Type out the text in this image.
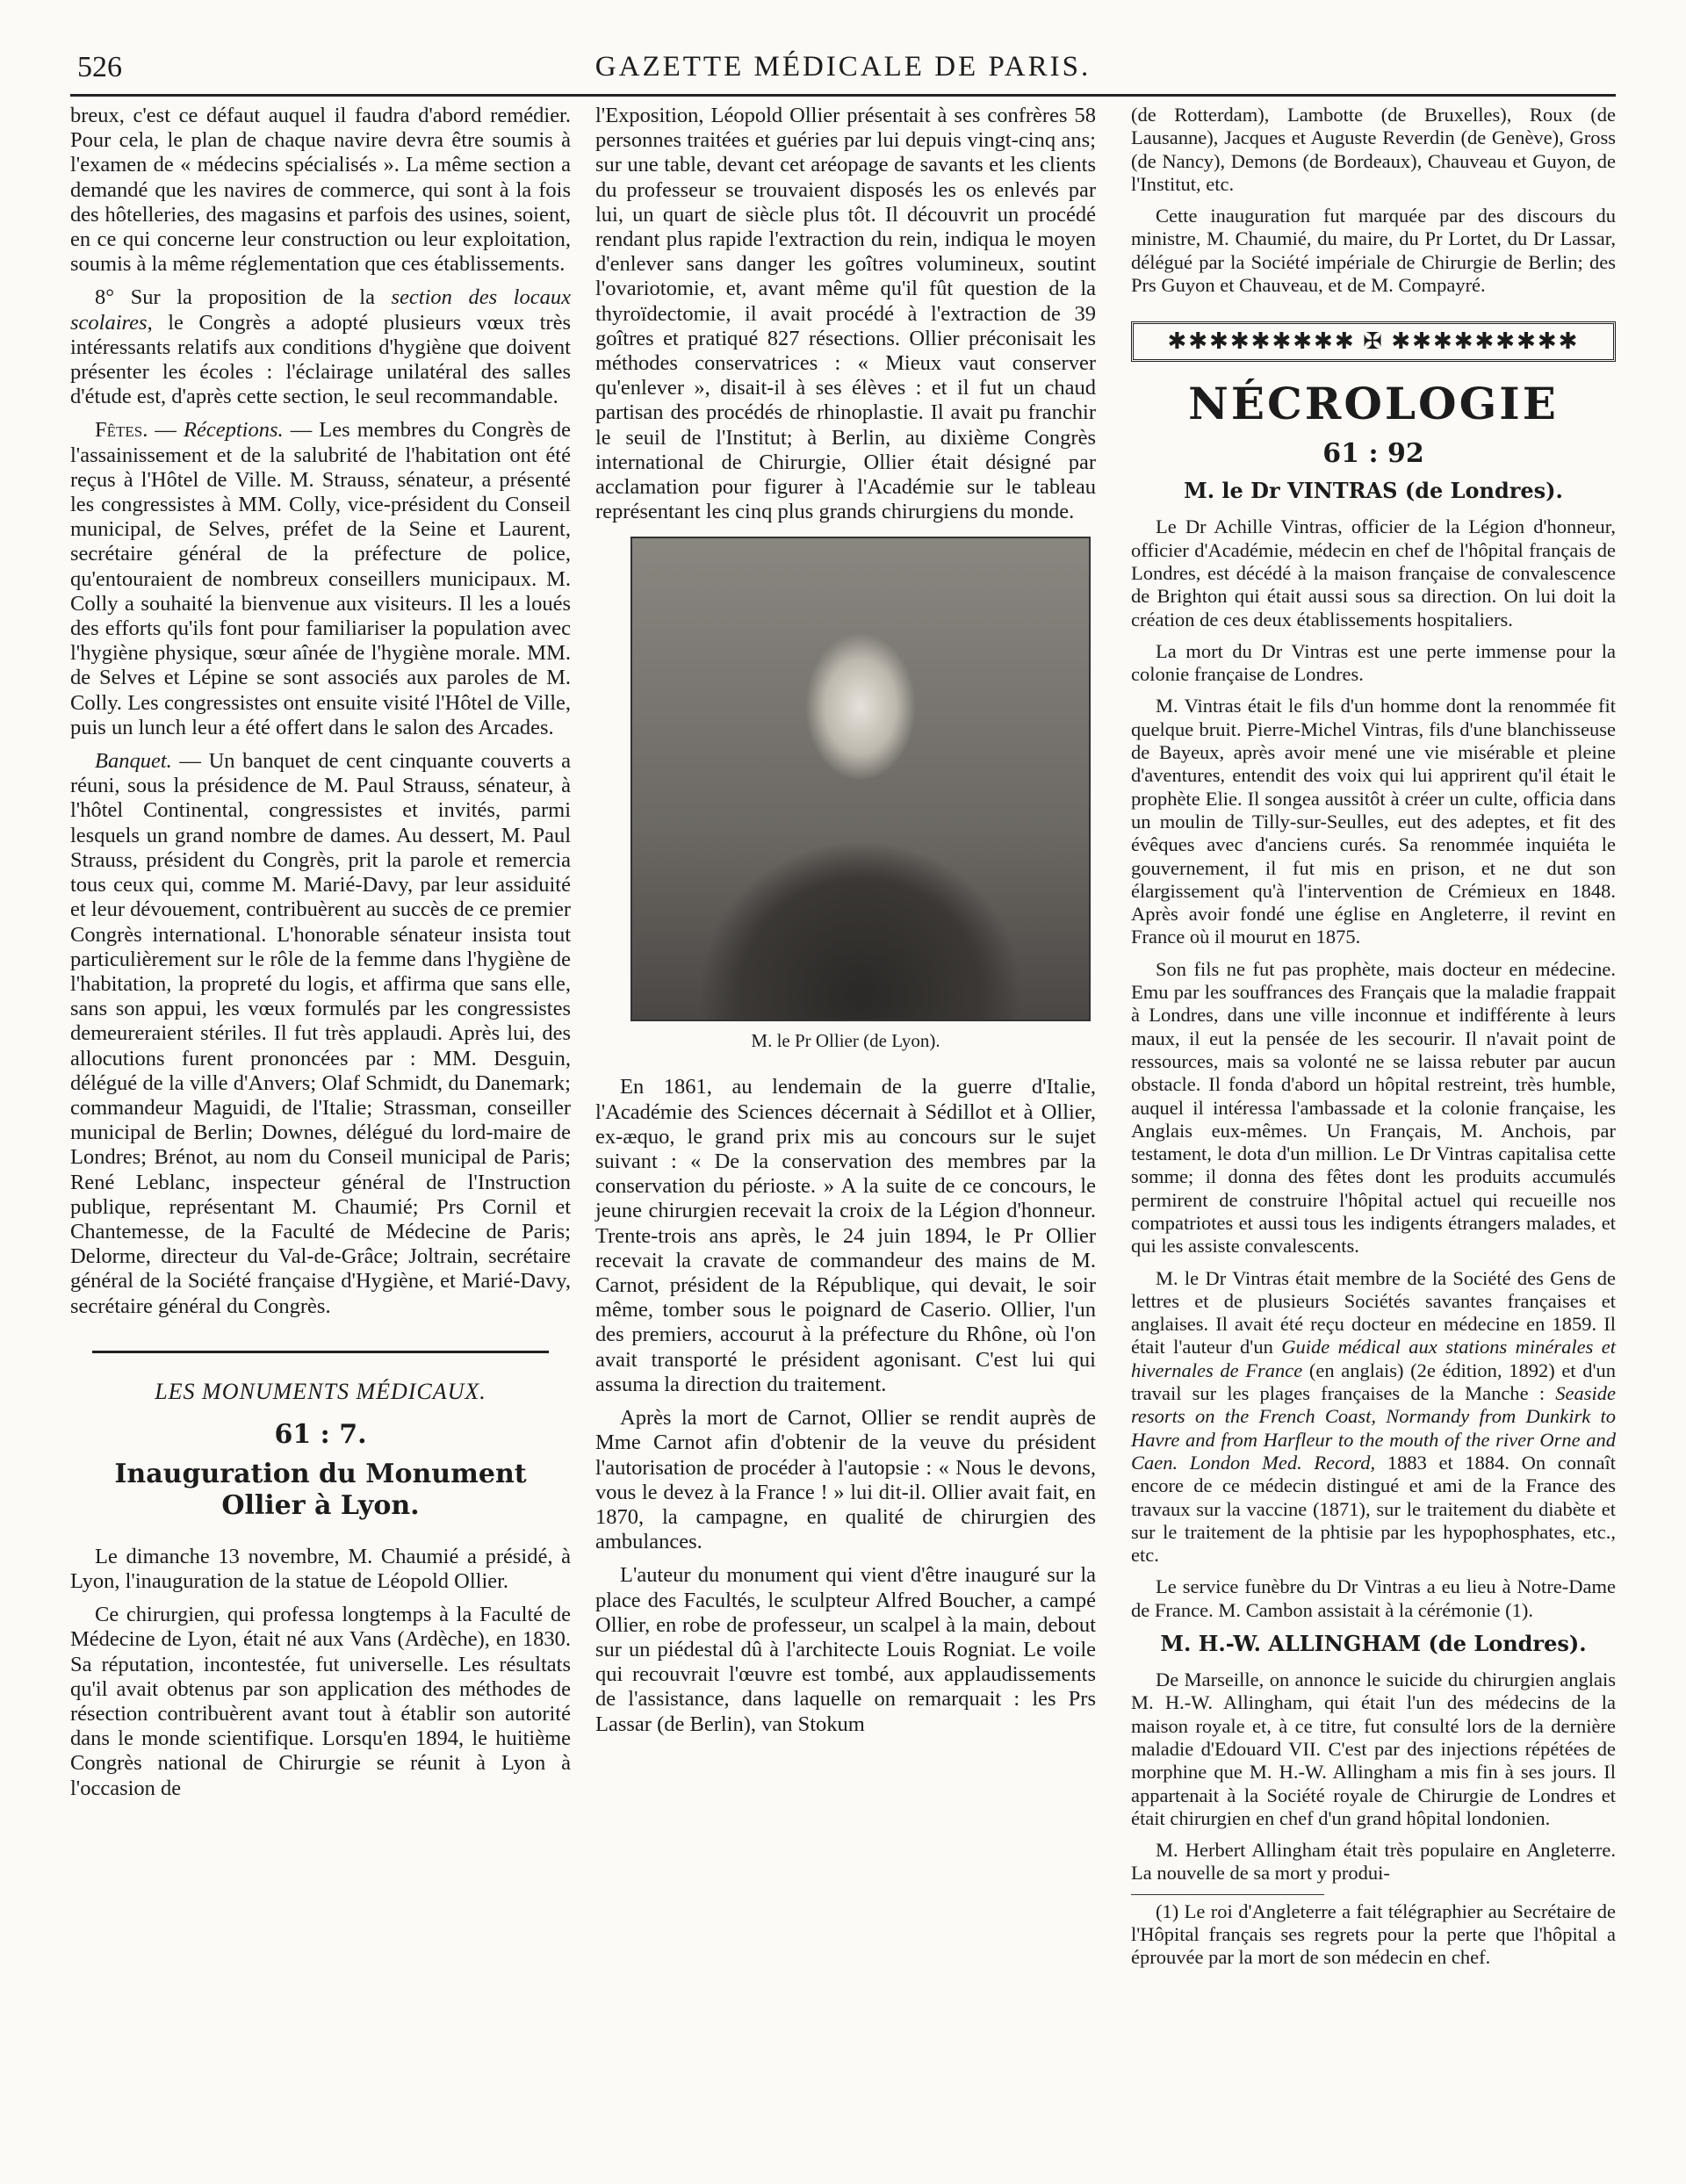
526	GAZETTE MÉDICALE DE PARIS.

breux, c'est ce défaut auquel il faudra d'abord remédier. Pour cela, le plan de chaque navire devra être soumis à l'examen de « médecins spécialisés ». La même section a demandé que les navires de commerce, qui sont à la fois des hôtelleries, des magasins et parfois des usines, soient, en ce qui concerne leur construction ou leur exploitation, soumis à la même réglementation que ces établissements.

8° Sur la proposition de la section des locaux scolaires, le Congrès a adopté plusieurs vœux très intéressants relatifs aux conditions d'hygiène que doivent présenter les écoles : l'éclairage unilatéral des salles d'étude est, d'après cette section, le seul recommandable.

Fêtes. — Réceptions. — Les membres du Congrès de l'assainissement et de la salubrité de l'habitation ont été reçus à l'Hôtel de Ville. M. Strauss, sénateur, a présenté les congressistes à MM. Colly, vice-président du Conseil municipal, de Selves, préfet de la Seine et Laurent, secrétaire général de la préfecture de police, qu'entouraient de nombreux conseillers municipaux. M. Colly a souhaité la bienvenue aux visiteurs. Il les a loués des efforts qu'ils font pour familiariser la population avec l'hygiène physique, sœur aînée de l'hygiène morale. MM. de Selves et Lépine se sont associés aux paroles de M. Colly. Les congressistes ont ensuite visité l'Hôtel de Ville, puis un lunch leur a été offert dans le salon des Arcades.

Banquet. — Un banquet de cent cinquante couverts a réuni, sous la présidence de M. Paul Strauss, sénateur, à l'hôtel Continental, congressistes et invités, parmi lesquels un grand nombre de dames. Au dessert, M. Paul Strauss, président du Congrès, prit la parole et remercia tous ceux qui, comme M. Marié-Davy, par leur assiduité et leur dévouement, contribuèrent au succès de ce premier Congrès international. L'honorable sénateur insista tout particulièrement sur le rôle de la femme dans l'hygiène de l'habitation, la propreté du logis, et affirma que sans elle, sans son appui, les vœux formulés par les congressistes demeureraient stériles. Il fut très applaudi. Après lui, des allocutions furent prononcées par : MM. Desguin, délégué de la ville d'Anvers; Olaf Schmidt, du Danemark; commandeur Maguidi, de l'Italie; Strassman, conseiller municipal de Berlin; Downes, délégué du lord-maire de Londres; Brénot, au nom du Conseil municipal de Paris; René Leblanc, inspecteur général de l'Instruction publique, représentant M. Chaumié; Prs Cornil et Chantemesse, de la Faculté de Médecine de Paris; Delorme, directeur du Val-de-Grâce; Joltrain, secrétaire général de la Société française d'Hygiène, et Marié-Davy, secrétaire général du Congrès.

LES MONUMENTS MÉDICAUX.
61 : 7.
Inauguration du Monument
Ollier à Lyon.

Le dimanche 13 novembre, M. Chaumié a présidé, à Lyon, l'inauguration de la statue de Léopold Ollier.

Ce chirurgien, qui professa longtemps à la Faculté de Médecine de Lyon, était né aux Vans (Ardèche), en 1830. Sa réputation, incontestée, fut universelle. Les résultats qu'il avait obtenus par son application des méthodes de résection contribuèrent avant tout à établir son autorité dans le monde scientifique. Lorsqu'en 1894, le huitième Congrès national de Chirurgie se réunit à Lyon à l'occasion de

l'Exposition, Léopold Ollier présentait à ses confrères 58 personnes traitées et guéries par lui depuis vingt-cinq ans; sur une table, devant cet aréopage de savants et les clients du professeur se trouvaient disposés les os enlevés par lui, un quart de siècle plus tôt. Il découvrit un procédé rendant plus rapide l'extraction du rein, indiqua le moyen d'enlever sans danger les goîtres volumineux, soutint l'ovariotomie, et, avant même qu'il fût question de la thyroïdectomie, il avait procédé à l'extraction de 39 goîtres et pratiqué 827 résections. Ollier préconisait les méthodes conservatrices : « Mieux vaut conserver qu'enlever », disait-il à ses élèves : et il fut un chaud partisan des procédés de rhinoplastie. Il avait pu franchir le seuil de l'Institut; à Berlin, au dixième Congrès international de Chirurgie, Ollier était désigné par acclamation pour figurer à l'Académie sur le tableau représentant les cinq plus grands chirurgiens du monde.

M. le Pr Ollier (de Lyon).

En 1861, au lendemain de la guerre d'Italie, l'Académie des Sciences décernait à Sédillot et à Ollier, ex-æquo, le grand prix mis au concours sur le sujet suivant : « De la conservation des membres par la conservation du périoste. » A la suite de ce concours, le jeune chirurgien recevait la croix de la Légion d'honneur. Trente-trois ans après, le 24 juin 1894, le Pr Ollier recevait la cravate de commandeur des mains de M. Carnot, président de la République, qui devait, le soir même, tomber sous le poignard de Caserio. Ollier, l'un des premiers, accourut à la préfecture du Rhône, où l'on avait transporté le président agonisant. C'est lui qui assuma la direction du traitement.

Après la mort de Carnot, Ollier se rendit auprès de Mme Carnot afin d'obtenir de la veuve du président l'autorisation de procéder à l'autopsie : « Nous le devons, vous le devez à la France ! » lui dit-il. Ollier avait fait, en 1870, la campagne, en qualité de chirurgien des ambulances.

L'auteur du monument qui vient d'être inauguré sur la place des Facultés, le sculpteur Alfred Boucher, a campé Ollier, en robe de professeur, un scalpel à la main, debout sur un piédestal dû à l'architecte Louis Rogniat. Le voile qui recouvrait l'œuvre est tombé, aux applaudissements de l'assistance, dans laquelle on remarquait : les Prs Lassar (de Berlin), van Stokum

(de Rotterdam), Lambotte (de Bruxelles), Roux (de Lausanne), Jacques et Auguste Reverdin (de Genève), Gross (de Nancy), Demons (de Bordeaux), Chauveau et Guyon, de l'Institut, etc.

Cette inauguration fut marquée par des discours du ministre, M. Chaumié, du maire, du Pr Lortet, du Dr Lassar, délégué par la Société impériale de Chirurgie de Berlin; des Prs Guyon et Chauveau, et de M. Compayré.

✱✱✱✱✱✱✱✱✱ ✠ ✱✱✱✱✱✱✱✱✱
NÉCROLOGIE
61 : 92
M. le Dr VINTRAS (de Londres).

Le Dr Achille Vintras, officier de la Légion d'honneur, officier d'Académie, médecin en chef de l'hôpital français de Londres, est décédé à la maison française de convalescence de Brighton qui était aussi sous sa direction. On lui doit la création de ces deux établissements hospitaliers.

La mort du Dr Vintras est une perte immense pour la colonie française de Londres.

M. Vintras était le fils d'un homme dont la renommée fit quelque bruit. Pierre-Michel Vintras, fils d'une blanchisseuse de Bayeux, après avoir mené une vie misérable et pleine d'aventures, entendit des voix qui lui apprirent qu'il était le prophète Elie. Il songea aussitôt à créer un culte, officia dans un moulin de Tilly-sur-Seulles, eut des adeptes, et fit des évêques avec d'anciens curés. Sa renommée inquiéta le gouvernement, il fut mis en prison, et ne dut son élargissement qu'à l'intervention de Crémieux en 1848. Après avoir fondé une église en Angleterre, il revint en France où il mourut en 1875.

Son fils ne fut pas prophète, mais docteur en médecine. Emu par les souffrances des Français que la maladie frappait à Londres, dans une ville inconnue et indifférente à leurs maux, il eut la pensée de les secourir. Il n'avait point de ressources, mais sa volonté ne se laissa rebuter par aucun obstacle. Il fonda d'abord un hôpital restreint, très humble, auquel il intéressa l'ambassade et la colonie française, les Anglais eux-mêmes. Un Français, M. Anchois, par testament, le dota d'un million. Le Dr Vintras capitalisa cette somme; il donna des fêtes dont les produits accumulés permirent de construire l'hôpital actuel qui recueille nos compatriotes et aussi tous les indigents étrangers malades, et qui les assiste convalescents.

M. le Dr Vintras était membre de la Société des Gens de lettres et de plusieurs Sociétés savantes françaises et anglaises. Il avait été reçu docteur en médecine en 1859. Il était l'auteur d'un Guide médical aux stations minérales et hivernales de France (en anglais) (2e édition, 1892) et d'un travail sur les plages françaises de la Manche : Seaside resorts on the French Coast, Normandy from Dunkirk to Havre and from Harfleur to the mouth of the river Orne and Caen. London Med. Record, 1883 et 1884. On connaît encore de ce médecin distingué et ami de la France des travaux sur la vaccine (1871), sur le traitement du diabète et sur le traitement de la phtisie par les hypophosphates, etc., etc.

Le service funèbre du Dr Vintras a eu lieu à Notre-Dame de France. M. Cambon assistait à la cérémonie (1).

M. H.-W. ALLINGHAM (de Londres).

De Marseille, on annonce le suicide du chirurgien anglais M. H.-W. Allingham, qui était l'un des médecins de la maison royale et, à ce titre, fut consulté lors de la dernière maladie d'Edouard VII. C'est par des injections répétées de morphine que M. H.-W. Allingham a mis fin à ses jours. Il appartenait à la Société royale de Chirurgie de Londres et était chirurgien en chef d'un grand hôpital londonien.

M. Herbert Allingham était très populaire en Angleterre. La nouvelle de sa mort y produi-

(1) Le roi d'Angleterre a fait télégraphier au Secrétaire de l'Hôpital français ses regrets pour la perte que l'hôpital a éprouvée par la mort de son médecin en chef.
